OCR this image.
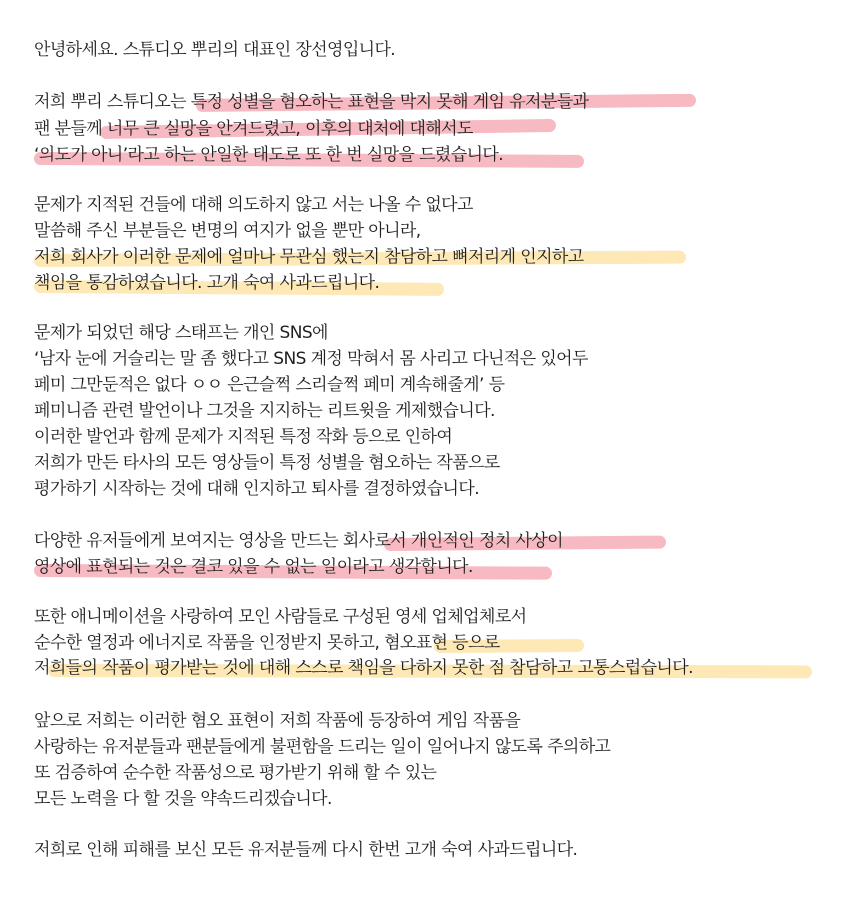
안녕하세요. 스튜디오 뿌리의 대표인 장선영입니다.
저희 뿌리 스튜디오는 특정 성별을 혐오하는 표현을 막지 못해 게임 유저분들과
팬 분들께 너무 큰 실망을 안겨드렸고, 이후의 대처에 대해서도
‘의도가 아니’라고 하는 안일한 태도로 또 한 번 실망을 드렸습니다.
문제가 지적된 건들에 대해 의도하지 않고 서는 나올 수 없다고
말씀해 주신 부분들은 변명의 여지가 없을 뿐만 아니라,
저희 회사가 이러한 문제에 얼마나 무관심 했는지 참담하고 뼈저리게 인지하고
책임을 통감하였습니다. 고개 숙여 사과드립니다.
문제가 되었던 해당 스태프는 개인 SNS에
‘남자 눈에 거슬리는 말 좀 했다고 SNS 계정 막혀서 몸 사리고 다닌적은 있어두
페미 그만둔적은 없다 ㅇㅇ 은근슬쩍 스리슬쩍 페미 계속해줄게’ 등
페미니즘 관련 발언이나 그것을 지지하는 리트윗을 게제했습니다.
이러한 발언과 함께 문제가 지적된 특정 작화 등으로 인하여
저희가 만든 타사의 모든 영상들이 특정 성별을 혐오하는 작품으로
평가하기 시작하는 것에 대해 인지하고 퇴사를 결정하였습니다.
다양한 유저들에게 보여지는 영상을 만드는 회사로서 개인적인 정치 사상이
영상에 표현되는 것은 결코 있을 수 없는 일이라고 생각합니다.
또한 애니메이션을 사랑하여 모인 사람들로 구성된 영세 업체업체로서
순수한 열정과 에너지로 작품을 인정받지 못하고, 혐오표현 등으로
저희들의 작품이 평가받는 것에 대해 스스로 책임을 다하지 못한 점 참담하고 고통스럽습니다.
앞으로 저희는 이러한 혐오 표현이 저희 작품에 등장하여 게임 작품을
사랑하는 유저분들과 팬분들에게 불편함을 드리는 일이 일어나지 않도록 주의하고
또 검증하여 순수한 작품성으로 평가받기 위해 할 수 있는
모든 노력을 다 할 것을 약속드리겠습니다.
저희로 인해 피해를 보신 모든 유저분들께 다시 한번 고개 숙여 사과드립니다.
